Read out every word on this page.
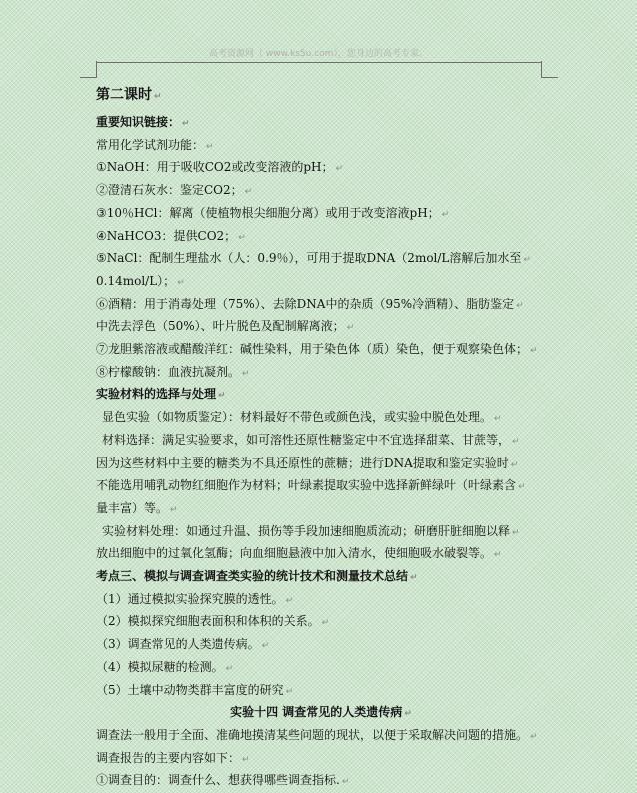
高考资源网（ www.ks5u.com），您身边的高考专家。
第二课时 ↵
重要知识链接： ↵
常用化学试剂功能： ↵
①NaOH：用于吸收CO2或改变溶液的pH； ↵
②澄清石灰水：鉴定CO2； ↵
③10％HCl：解离（使植物根尖细胞分离）或用于改变溶液pH； ↵
④NaHCO3：提供CO2； ↵
⑤NaCl：配制生理盐水（人：0.9％），可用于提取DNA（2mol/L溶解后加水至 ↵
0.14mol/L）； ↵
⑥酒精：用于消毒处理（75%）、去除DNA中的杂质（95%冷酒精）、脂肪鉴定 ↵
中洗去浮色（50%）、叶片脱色及配制解离液； ↵
⑦龙胆紫溶液或醋酸洋红：碱性染料，用于染色体（质）染色，便于观察染色体； ↵
⑧柠檬酸钠：血液抗凝剂。 ↵
实验材料的选择与处理 ↵
显色实验（如物质鉴定）：材料最好不带色或颜色浅，或实验中脱色处理。 ↵
材料选择：满足实验要求，如可溶性还原性糖鉴定中不宜选择甜菜、甘蔗等， ↵
因为这些材料中主要的糖类为不具还原性的蔗糖；进行DNA提取和鉴定实验时 ↵
不能选用哺乳动物红细胞作为材料；叶绿素提取实验中选择新鲜绿叶（叶绿素含 ↵
量丰富）等。 ↵
实验材料处理：如通过升温、损伤等手段加速细胞质流动；研磨肝脏细胞以释 ↵
放出细胞中的过氧化氢酶；向血细胞悬液中加入清水，使细胞吸水破裂等。 ↵
考点三、模拟与调查调查类实验的统计技术和测量技术总结 ↵
（1）通过模拟实验探究膜的透性。 ↵
（2）模拟探究细胞表面积和体积的关系。 ↵
（3）调查常见的人类遗传病。 ↵
（4）模拟尿糖的检测。 ↵
（5）土壤中动物类群丰富度的研究 ↵
实验十四 调查常见的人类遗传病 ↵
调查法一般用于全面、准确地摸清某些问题的现状，以便于采取解决问题的措施。 ↵
调查报告的主要内容如下： ↵
①调查目的：调查什么、想获得哪些调查指标. ↵
